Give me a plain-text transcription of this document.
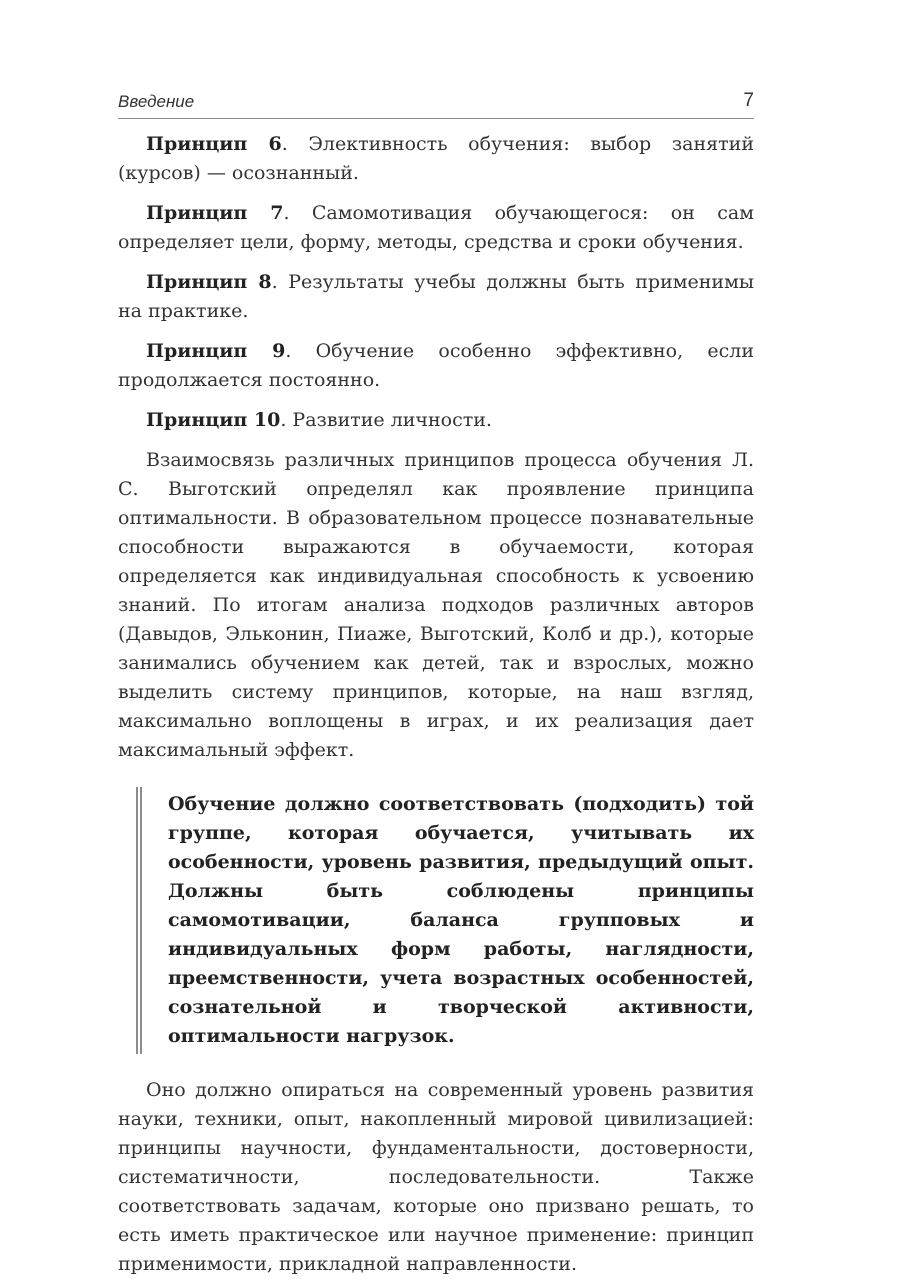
Введение	7

Принцип 6. Элективность обучения: выбор занятий (курсов) — осознанный.

Принцип 7. Самомотивация обучающегося: он сам определяет цели, форму, методы, средства и сроки обучения.

Принцип 8. Результаты учебы должны быть применимы на практике.

Принцип 9. Обучение особенно эффективно, если продолжается постоянно.

Принцип 10. Развитие личности.

Взаимосвязь различных принципов процесса обучения Л. С. Выготский определял как проявление принципа оптимальности. В образовательном процессе познавательные способности выражаются в обучаемости, которая определяется как индивидуальная способность к усвоению знаний. По итогам анализа подходов различных авторов (Давыдов, Эльконин, Пиаже, Выготский, Колб и др.), которые занимались обучением как детей, так и взрослых, можно выделить систему принципов, которые, на наш взгляд, максимально воплощены в играх, и их реализация дает максимальный эффект.

Обучение должно соответствовать (подходить) той группе, которая обучается, учитывать их особенности, уровень развития, предыдущий опыт. Должны быть соблюдены принципы самомотивации, баланса групповых и индивидуальных форм работы, наглядности, преемственности, учета возрастных особенностей, сознательной и творческой активности, оптимальности нагрузок.

Оно должно опираться на современный уровень развития науки, техники, опыт, накопленный мировой цивилизацией: принципы научности, фундаментальности, достоверности, систематичности, последовательности. Также соответствовать задачам, которые оно призвано решать, то есть иметь практическое или научное применение: принцип применимости, прикладной направленности.
